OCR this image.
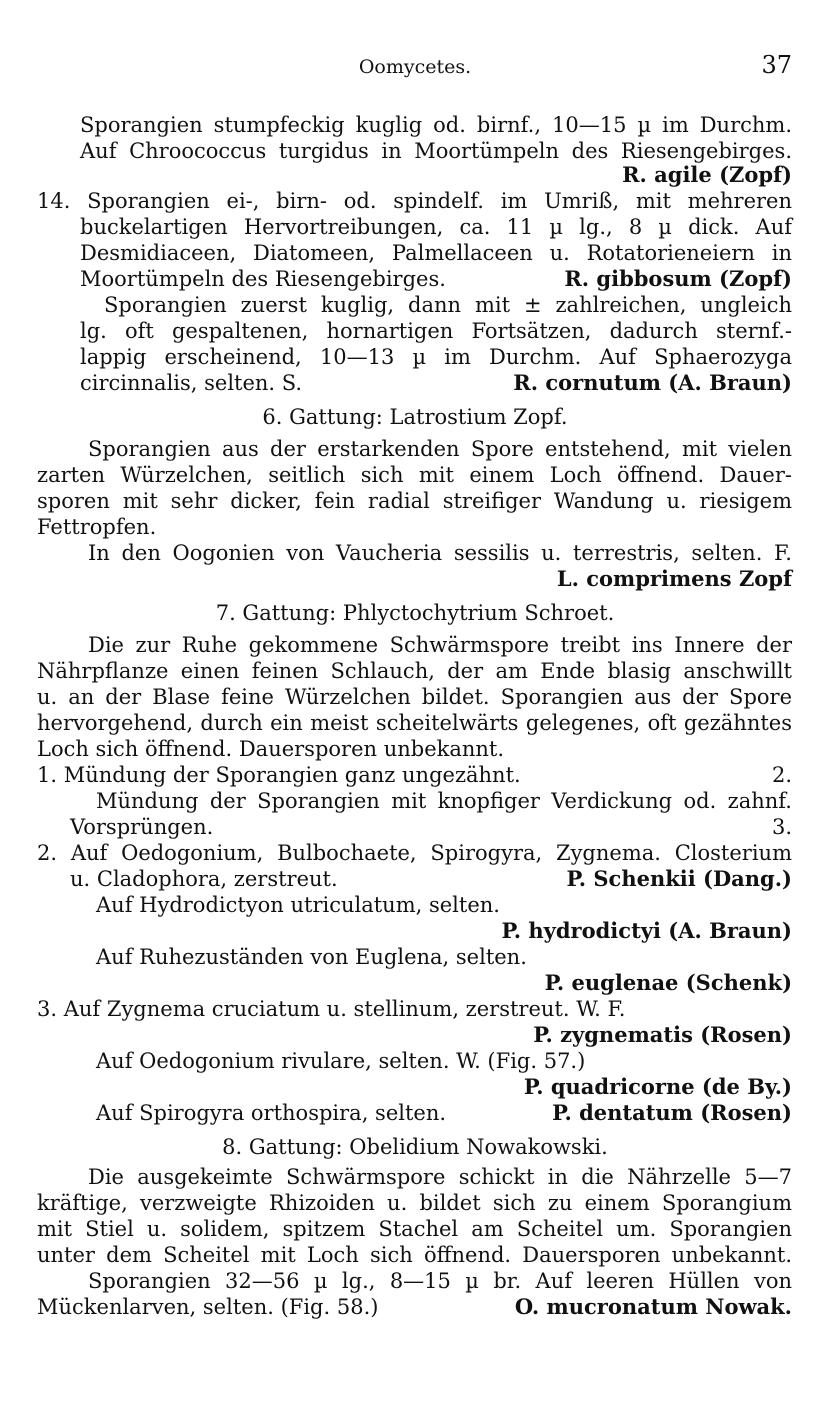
Oomycetes.	37
Sporangien stumpfeckig kuglig od. birnf., 10—15 µ im Durchm.
Auf Chroococcus turgidus in Moortümpeln des Riesengebirges.
R. agile (Zopf)
14. Sporangien ei-, birn- od. spindelf. im Umriß, mit mehreren
buckelartigen Hervortreibungen, ca. 11 µ lg., 8 µ dick. Auf
Desmidiaceen, Diatomeen, Palmellaceen u. Rotatorieneiern in
Moortümpeln des Riesengebirges.	R. gibbosum (Zopf)
Sporangien zuerst kuglig, dann mit ± zahlreichen, ungleich
lg. oft gespaltenen, hornartigen Fortsätzen, dadurch sternf.-
lappig erscheinend, 10—13 µ im Durchm. Auf Sphaerozyga
circinnalis, selten. S.	R. cornutum (A. Braun)
6. Gattung: Latrostium Zopf.
Sporangien aus der erstarkenden Spore entstehend, mit vielen
zarten Würzelchen, seitlich sich mit einem Loch öffnend. Dauer-
sporen mit sehr dicker, fein radial streifiger Wandung u. riesigem
Fettropfen.
In den Oogonien von Vaucheria sessilis u. terrestris, selten. F.
L. comprimens Zopf
7. Gattung: Phlyctochytrium Schroet.
Die zur Ruhe gekommene Schwärmspore treibt ins Innere der
Nährpflanze einen feinen Schlauch, der am Ende blasig anschwillt
u. an der Blase feine Würzelchen bildet. Sporangien aus der Spore
hervorgehend, durch ein meist scheitelwärts gelegenes, oft gezähntes
Loch sich öffnend. Dauersporen unbekannt.
1. Mündung der Sporangien ganz ungezähnt.	2.
Mündung der Sporangien mit knopfiger Verdickung od. zahnf.
Vorsprüngen.	3.
2. Auf Oedogonium, Bulbochaete, Spirogyra, Zygnema. Closterium
u. Cladophora, zerstreut.	P. Schenkii (Dang.)
Auf Hydrodictyon utriculatum, selten.
P. hydrodictyi (A. Braun)
Auf Ruhezuständen von Euglena, selten.
P. euglenae (Schenk)
3. Auf Zygnema cruciatum u. stellinum, zerstreut. W. F.
P. zygnematis (Rosen)
Auf Oedogonium rivulare, selten. W. (Fig. 57.)
P. quadricorne (de By.)
Auf Spirogyra orthospira, selten.	P. dentatum (Rosen)
8. Gattung: Obelidium Nowakowski.
Die ausgekeimte Schwärmspore schickt in die Nährzelle 5—7
kräftige, verzweigte Rhizoiden u. bildet sich zu einem Sporangium
mit Stiel u. solidem, spitzem Stachel am Scheitel um. Sporangien
unter dem Scheitel mit Loch sich öffnend. Dauersporen unbekannt.
Sporangien 32—56 µ lg., 8—15 µ br. Auf leeren Hüllen von
Mückenlarven, selten. (Fig. 58.)	O. mucronatum Nowak.
